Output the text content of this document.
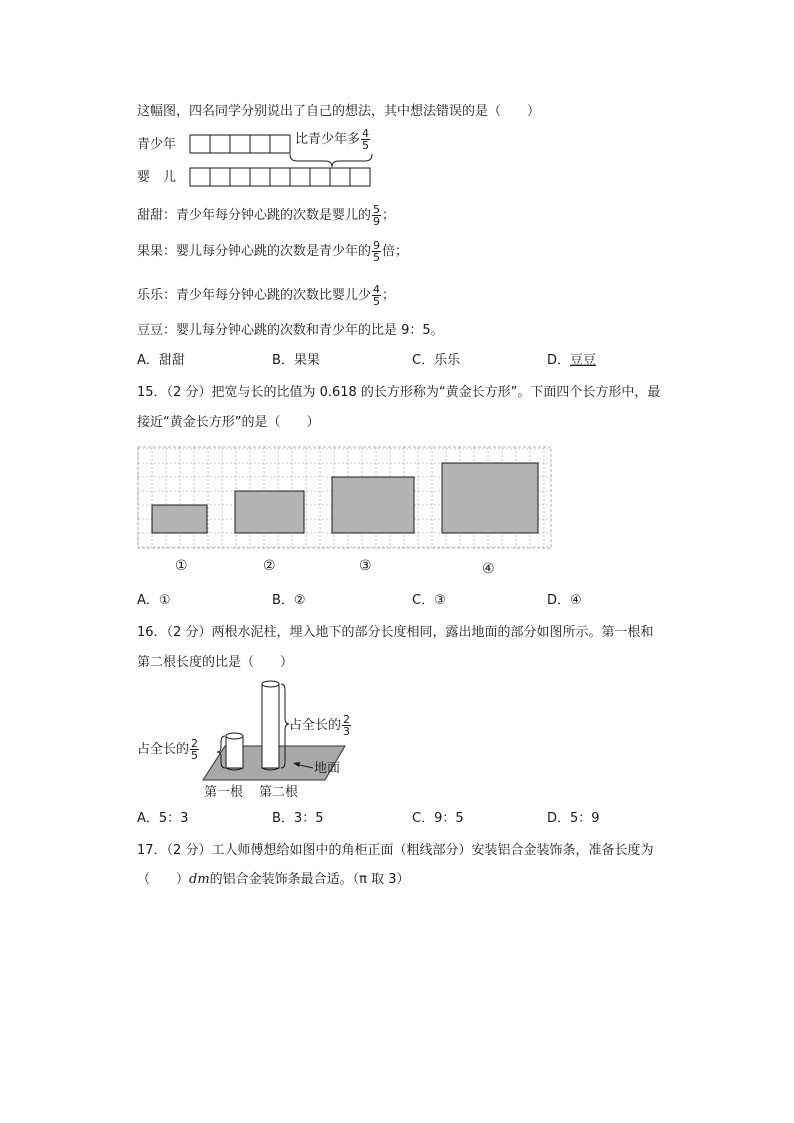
这幅图，四名同学分别说出了自己的想法，其中想法错误的是（　　）
青少年
婴　儿
比青少年多 $\frac{4}{5}$
甜甜：青少年每分钟心跳的次数是婴儿的 $\frac{5}{9}$ ；
果果：婴儿每分钟心跳的次数是青少年的 $\frac{9}{5}$ 倍；
乐乐：青少年每分钟心跳的次数比婴儿少 $\frac{4}{5}$ ；
豆豆：婴儿每分钟心跳的次数和青少年的比是 9：5。
A．甜甜	B．果果	C．乐乐	D．豆豆
15．（2 分）把宽与长的比值为 0.618 的长方形称为“黄金长方形”。下面四个长方形中，最
接近“黄金长方形”的是（　　）
①	②	③	④
A．①	B．②	C．③	D．④
16．（2 分）两根水泥柱，埋入地下的部分长度相同，露出地面的部分如图所示。第一根和
第二根长度的比是（　　）
占全长的 $\frac{2}{5}$
占全长的 $\frac{2}{3}$
地面
第一根 第二根
A．5：3	B．3：5	C．9：5	D．5：9
17．（2 分）工人师傅想给如图中的角柜正面（粗线部分）安装铝合金装饰条，准备长度为
（　　）dm的铝合金装饰条最合适。（π 取 3）
